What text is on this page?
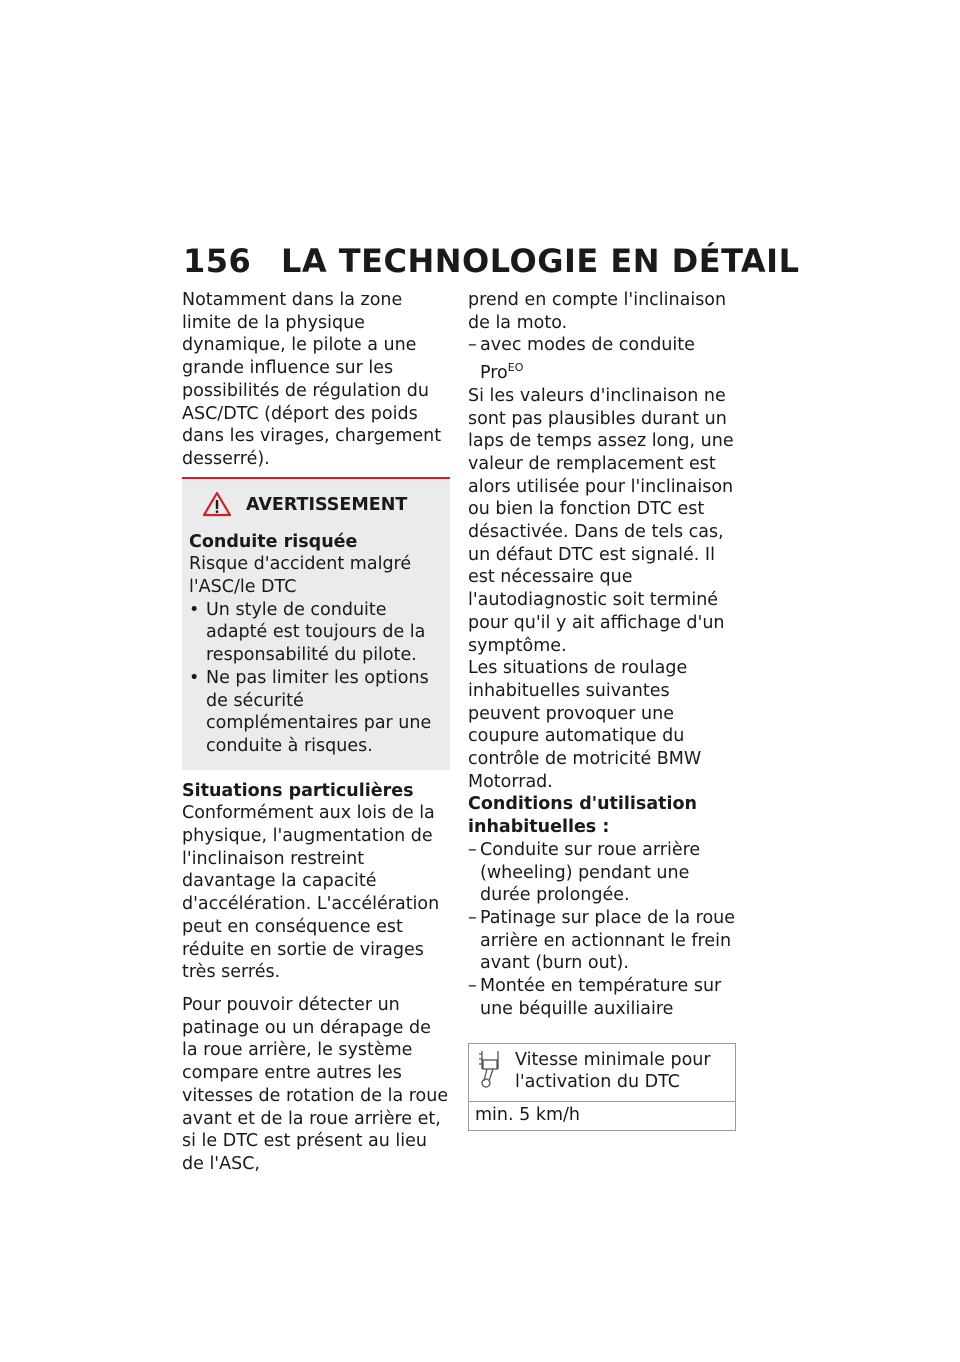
156 LA TECHNOLOGIE EN DÉTAIL

Notamment dans la zone limite de la physique dynamique, le pilote a une grande influence sur les possibilités de régulation du ASC/DTC (déport des poids dans les virages, chargement desserré).

AVERTISSEMENT

Conduite risquée

Risque d'accident malgré l'ASC/le DTC

• Un style de conduite adapté est toujours de la responsabilité du pilote.
• Ne pas limiter les options de sécurité complémentaires par une conduite à risques.

Situations particulières

Conformément aux lois de la physique, l'augmentation de l'inclinaison restreint davantage la capacité d'accélération. L'accélération peut en conséquence est réduite en sortie de virages très serrés.

Pour pouvoir détecter un patinage ou un dérapage de la roue arrière, le système compare entre autres les vitesses de rotation de la roue avant et de la roue arrière et, si le DTC est présent au lieu de l'ASC,

prend en compte l'inclinaison de la moto.

– avec modes de conduite
Pro$^{EO}$

Si les valeurs d'inclinaison ne sont pas plausibles durant un laps de temps assez long, une valeur de remplacement est alors utilisée pour l'inclinaison ou bien la fonction DTC est désactivée. Dans de tels cas, un défaut DTC est signalé. Il est nécessaire que l'autodiagnostic soit terminé pour qu'il y ait affichage d'un symptôme.

Les situations de roulage inhabituelles suivantes peuvent provoquer une coupure automatique du contrôle de motricité BMW Motorrad.

Conditions d'utilisation inhabituelles :

– Conduite sur roue arrière (wheeling) pendant une durée prolongée.
– Patinage sur place de la roue arrière en actionnant le frein avant (burn out).
– Montée en température sur une béquille auxiliaire
Vitesse minimale pour l'activation du DTC
min. 5 km/h
